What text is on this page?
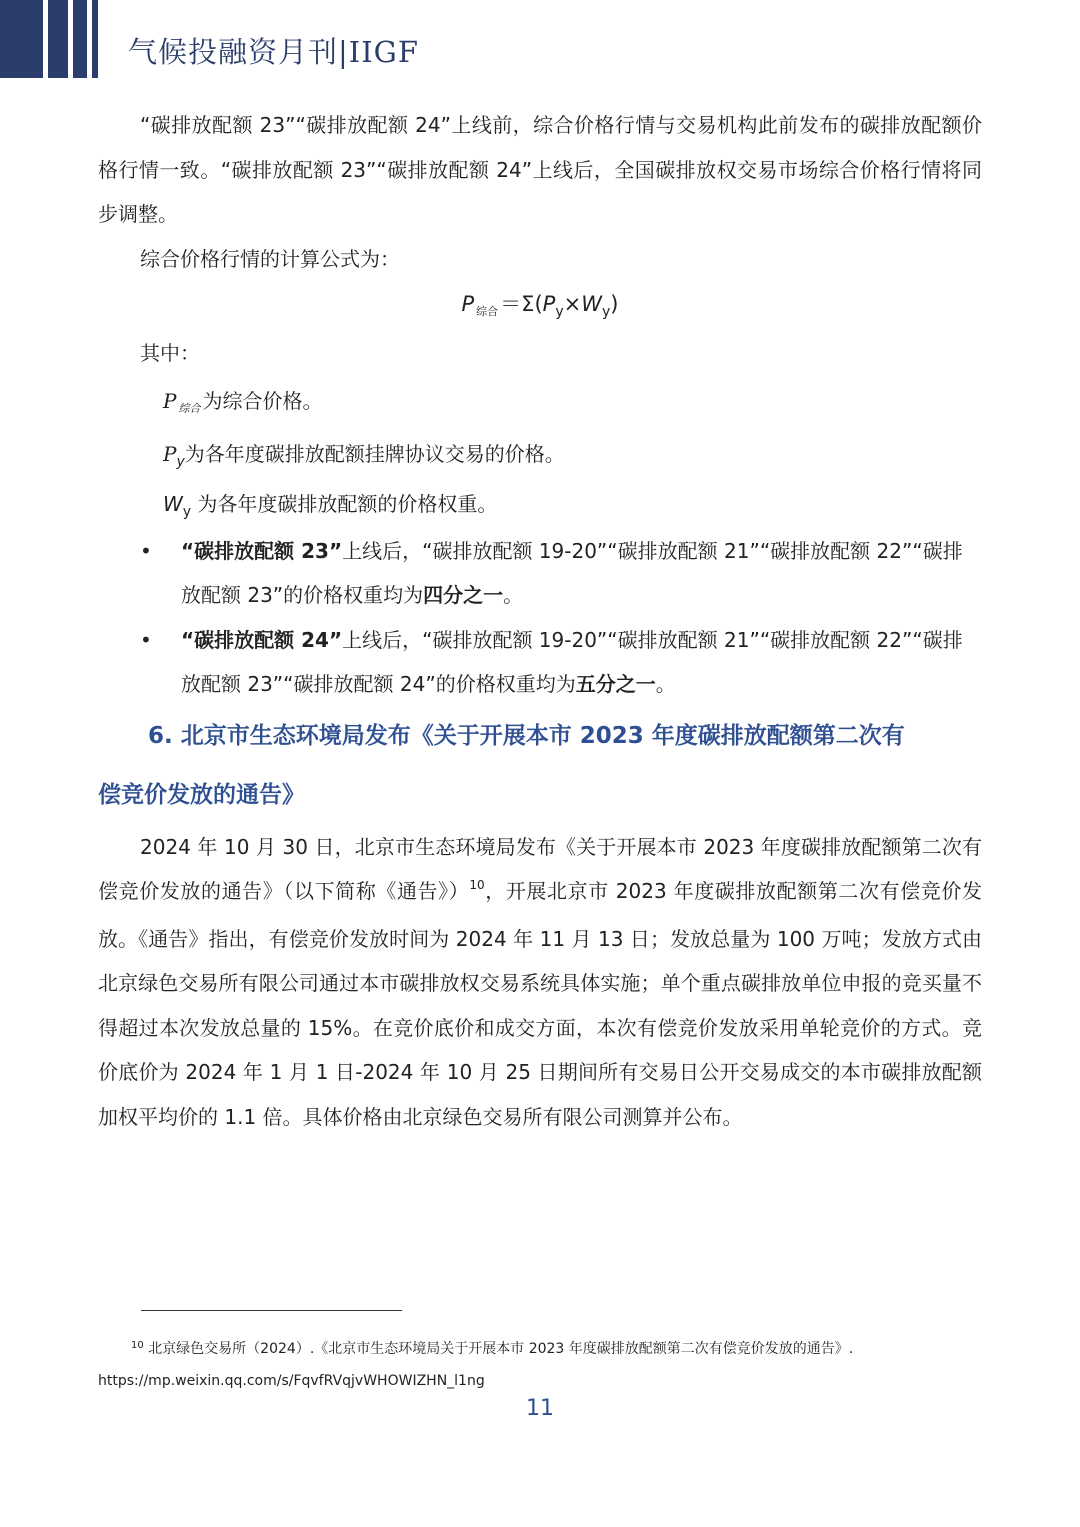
气候投融资月刊|IIGF

“碳排放配额 23”“碳排放配额 24”上线前，综合价格行情与交易机构此前发布的碳排放配额价格行情一致。“碳排放配额 23”“碳排放配额 24”上线后，全国碳排放权交易市场综合价格行情将同步调整。

综合价格行情的计算公式为：

P综合$=\Sigma(P_y\times W_y)$

其中：

P $_{综合}$ 为综合价格。

$P_y$为各年度碳排放配额挂牌协议交易的价格。

$W_y$ 为各年度碳排放配额的价格权重。

• “碳排放配额 23”上线后，“碳排放配额 19-20”“碳排放配额 21”“碳排放配额 22”“碳排放配额 23”的价格权重均为四分之一。

• “碳排放配额 24”上线后，“碳排放配额 19-20”“碳排放配额 21”“碳排放配额 22”“碳排放配额 23”“碳排放配额 24”的价格权重均为五分之一。

6. 北京市生态环境局发布《关于开展本市 2023 年度碳排放配额第二次有
偿竞价发放的通告》

2024 年 10 月 30 日，北京市生态环境局发布《关于开展本市 2023 年度碳排放配额第二次有偿竞价发放的通告》（以下简称《通告》）$^{10}$，开展北京市 2023 年度碳排放配额第二次有偿竞价发放。《通告》指出，有偿竞价发放时间为 2024 年 11 月 13 日；发放总量为 100 万吨；发放方式由北京绿色交易所有限公司通过本市碳排放权交易系统具体实施；单个重点碳排放单位申报的竞买量不得超过本次发放总量的 15%。在竞价底价和成交方面，本次有偿竞价发放采用单轮竞价的方式。竞价底价为 2024 年 1 月 1 日-2024 年 10 月 25 日期间所有交易日公开交易成交的本市碳排放配额加权平均价的 1.1 倍。具体价格由北京绿色交易所有限公司测算并公布。

$^{10}$ 北京绿色交易所（2024）.《北京市生态环境局关于开展本市 2023 年度碳排放配额第二次有偿竞价发放的通告》.
https://mp.weixin.qq.com/s/FqvfRVqjvWHOWIZHN_l1ng
11
